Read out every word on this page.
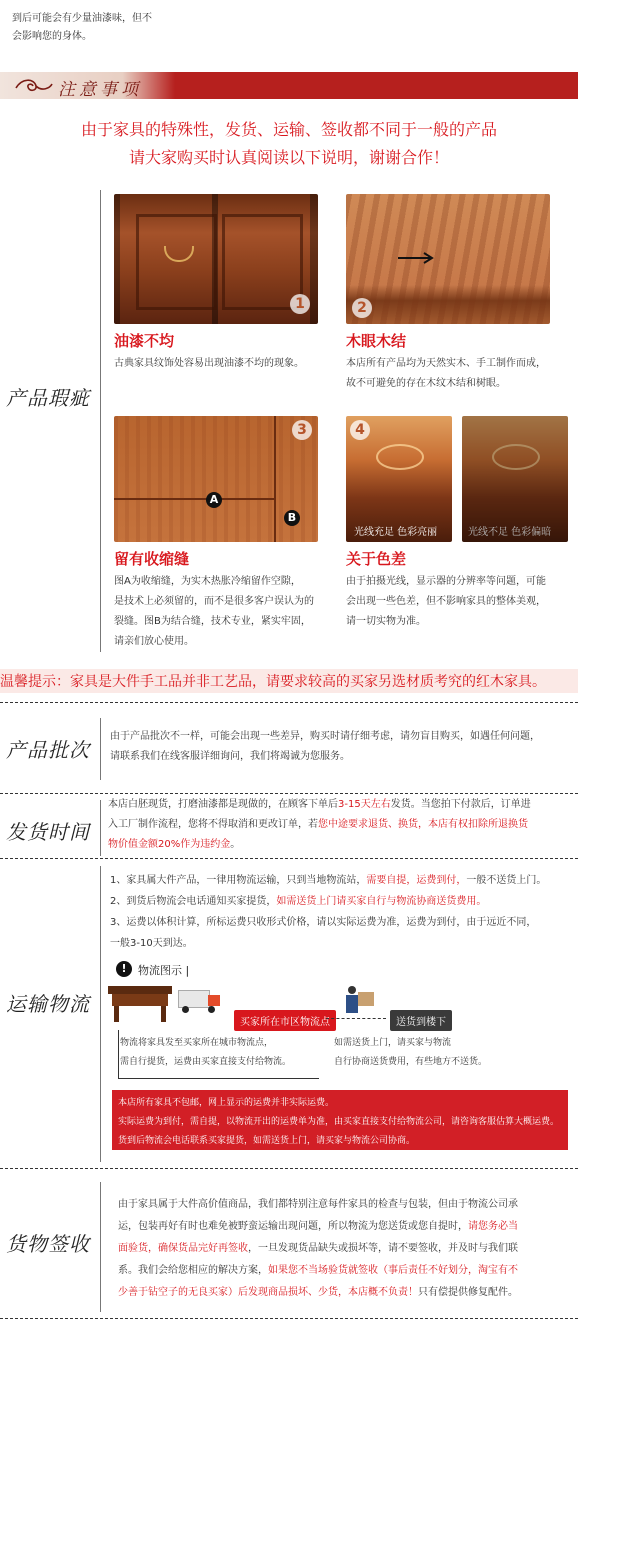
到后可能会有少量油漆味，但不
会影响您的身体。
注意事项
由于家具的特殊性，发货、运输、签收都不同于一般的产品
请大家购买时认真阅读以下说明，谢谢合作！
产品瑕疵
1
油漆不均
古典家具纹饰处容易出现油漆不均的现象。
2
木眼木结
本店所有产品均为天然实木、手工制作而成，
故不可避免的存在木纹木结和树眼。
3
A
B
留有收缩缝
图A为收缩缝，为实木热胀冷缩留作空隙，
是技术上必须留的，而不是很多客户误认为的
裂缝。图B为结合缝，技术专业，紧实牢固，
请亲们放心使用。
4
光线充足 色彩亮丽	光线不足 色彩偏暗
关于色差
由于拍摄光线，显示器的分辨率等问题，可能
会出现一些色差，但不影响家具的整体美观，
请一切实物为准。
温馨提示：家具是大件手工品并非工艺品，请要求较高的买家另选材质考究的红木家具。
产品批次
由于产品批次不一样，可能会出现一些差异，购买时请仔细考虑，请勿盲目购买，如遇任何问题，
请联系我们在线客服详细询问，我们将竭诚为您服务。
发货时间
本店白胚现货，打磨油漆都是现做的，在顾客下单后3-15天左右发货。当您拍下付款后，订单进
入工厂制作流程，您将不得取消和更改订单，若您中途要求退货、换货，本店有权扣除所退换货
物价值金额20%作为违约金。
运输物流
1、家具属大件产品，一律用物流运输，只到当地物流站，需要自提，运费到付，一般不送货上门。
2、到货后物流会电话通知买家提货，如需送货上门请买家自行与物流协商送货费用。
3、运费以体积计算，所标运费只收形式价格，请以实际运费为准，运费为到付，由于远近不同，
一般3-10天到达。
!	物流图示 |
买家所在市区物流点	送货到楼下
物流将家具发至买家所在城市物流点，
需自行提货，运费由买家直接支付给物流。
如需送货上门，请买家与物流
自行协商送货费用，有些地方不送货。
本店所有家具不包邮，网上显示的运费并非实际运费。
实际运费为到付，需自提，以物流开出的运费单为准，由买家直接支付给物流公司，请咨询客服估算大概运费。
货到后物流会电话联系买家提货，如需送货上门，请买家与物流公司协商。
货物签收
由于家具属于大件高价值商品，我们都特别注意每件家具的检查与包装，但由于物流公司承
运，包装再好有时也难免被野蛮运输出现问题，所以物流为您送货或您自提时，请您务必当
面验货，确保货品完好再签收，一旦发现货品缺失或损坏等，请不要签收，并及时与我们联
系。我们会给您相应的解决方案，如果您不当场验货就签收（事后责任不好划分，淘宝有不
少善于钻空子的无良买家）后发现商品损坏、少货，本店概不负责！只有偿提供修复配件。
